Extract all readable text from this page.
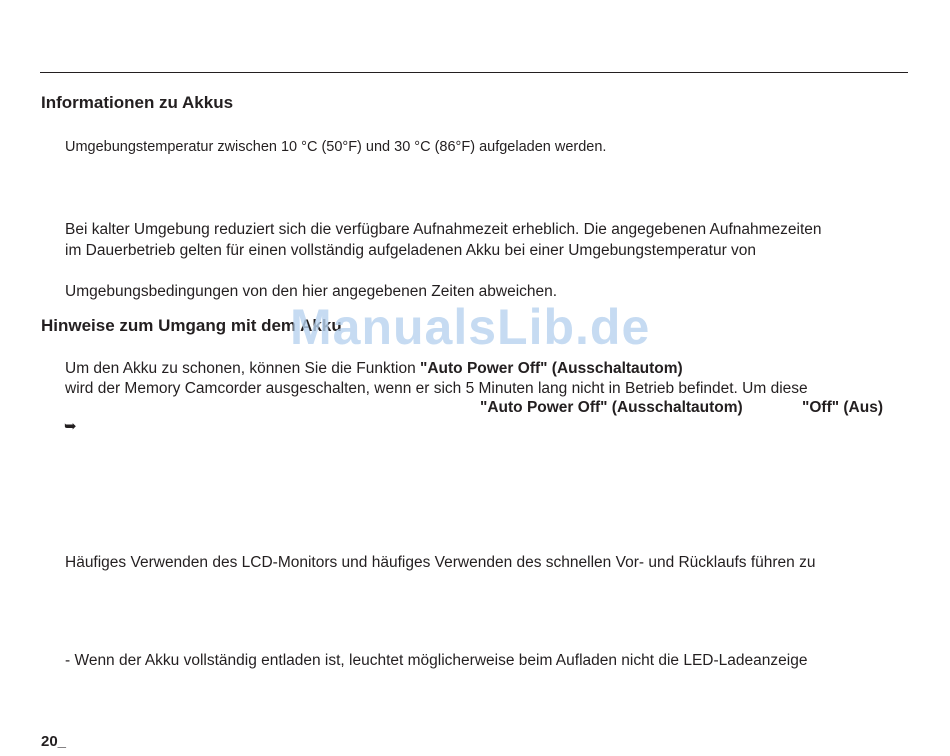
Informationen zu Akkus
Umgebungstemperatur zwischen 10 °C (50°F) und 30 °C (86°F) aufgeladen werden.
Bei kalter Umgebung reduziert sich die verfügbare Aufnahmezeit erheblich. Die angegebenen Aufnahmezeiten
im Dauerbetrieb gelten für einen vollständig aufgeladenen Akku bei einer Umgebungstemperatur von
Umgebungsbedingungen von den hier angegebenen Zeiten abweichen.
Hinweise zum Umgang mit dem Akku
ManualsLib.de
Um den Akku zu schonen, können Sie die Funktion "Auto Power Off" (Ausschaltautom)
wird der Memory Camcorder ausgeschalten, wenn er sich 5 Minuten lang nicht in Betrieb befindet. Um diese
"Auto Power Off" (Ausschaltautom)	"Off" (Aus)
➥
Häufiges Verwenden des LCD-Monitors und häufiges Verwenden des schnellen Vor- und Rücklaufs führen zu
- Wenn der Akku vollständig entladen ist, leuchtet möglicherweise beim Aufladen nicht die LED-Ladeanzeige
20_
